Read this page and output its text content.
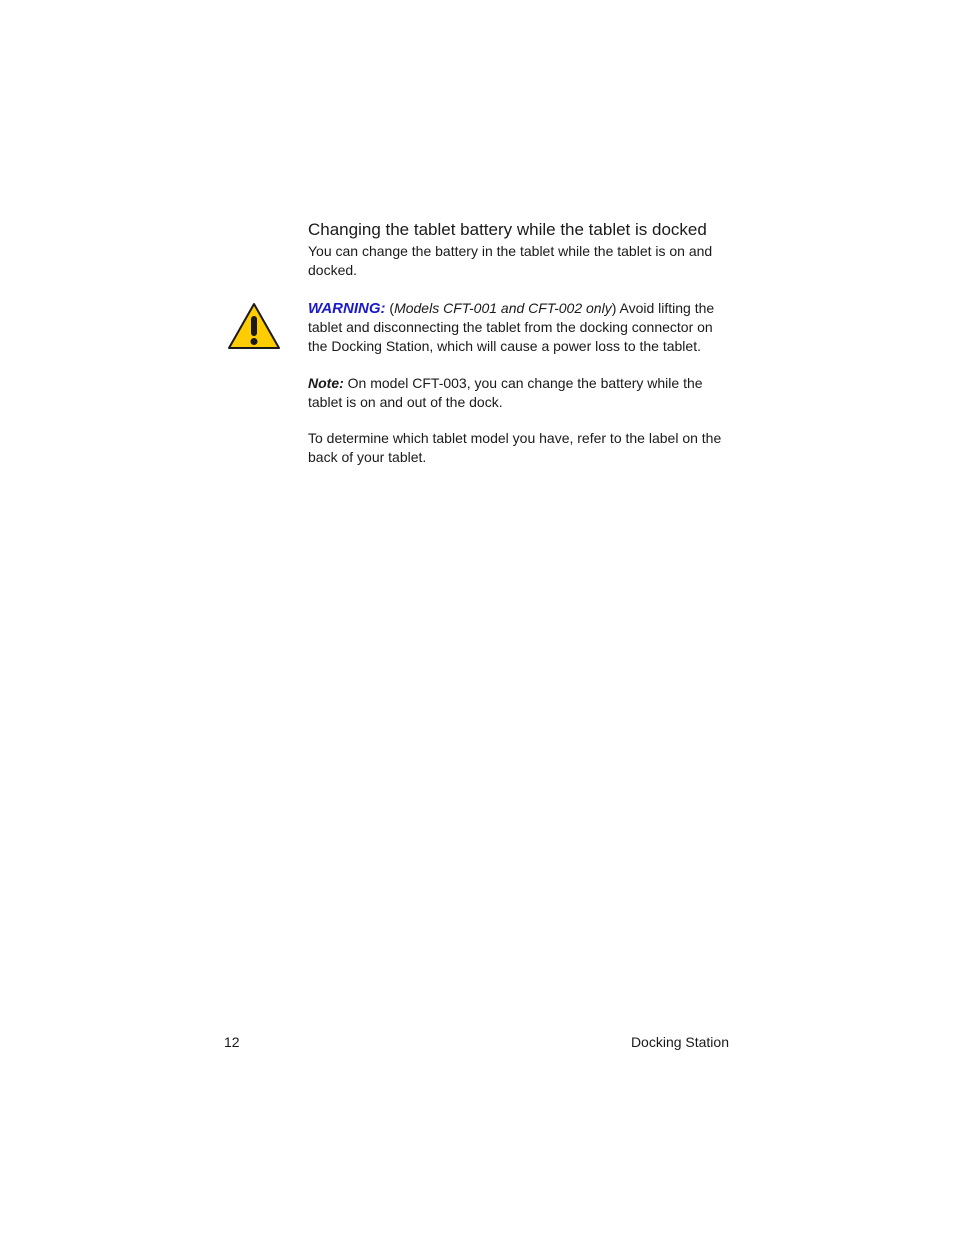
Changing the tablet battery while the tablet is docked

You can change the battery in the tablet while the tablet is on and docked.

WARNING: (Models CFT-001 and CFT-002 only) Avoid lifting the tablet and disconnecting the tablet from the docking connector on the Docking Station, which will cause a power loss to the tablet.

Note: On model CFT-003, you can change the battery while the tablet is on and out of the dock.

To determine which tablet model you have, refer to the label on the back of your tablet.

12	Docking Station
